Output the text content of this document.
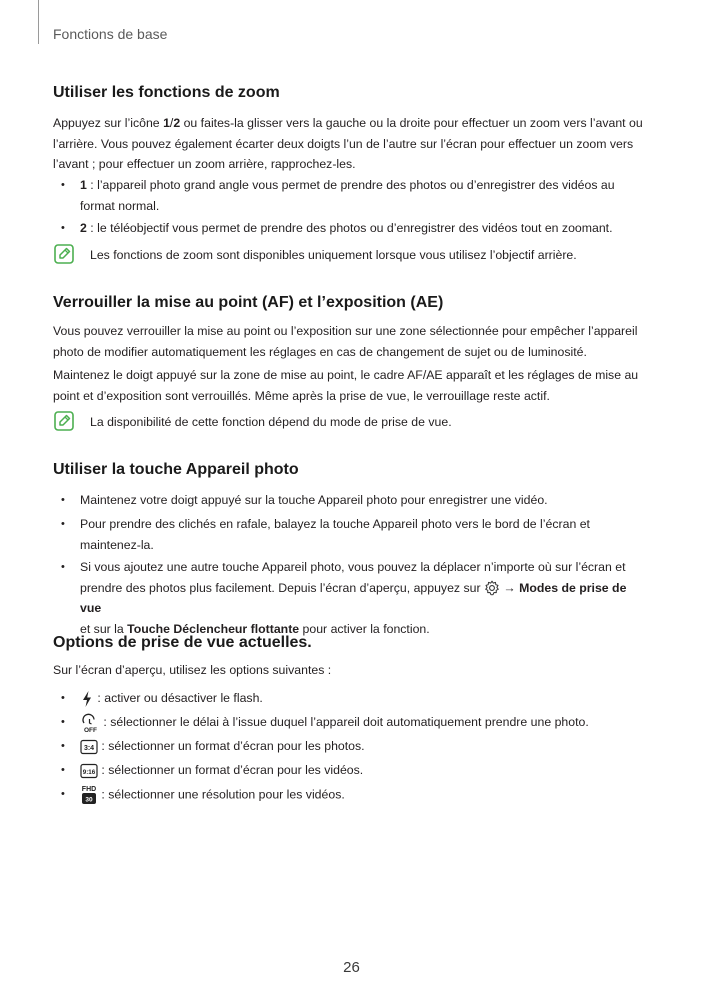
Fonctions de base
Utiliser les fonctions de zoom

Appuyez sur l’icône 1/2 ou faites-la glisser vers la gauche ou la droite pour effectuer un zoom vers l’avant ou l’arrière. Vous pouvez également écarter deux doigts l’un de l’autre sur l’écran pour effectuer un zoom vers l’avant ; pour effectuer un zoom arrière, rapprochez-les.

•	1 : l’appareil photo grand angle vous permet de prendre des photos ou d’enregistrer des vidéos au format normal.
•	2 : le téléobjectif vous permet de prendre des photos ou d’enregistrer des vidéos tout en zoomant.
Les fonctions de zoom sont disponibles uniquement lorsque vous utilisez l’objectif arrière.
Verrouiller la mise au point (AF) et l’exposition (AE)

Vous pouvez verrouiller la mise au point ou l’exposition sur une zone sélectionnée pour empêcher l’appareil photo de modifier automatiquement les réglages en cas de changement de sujet ou de luminosité.

Maintenez le doigt appuyé sur la zone de mise au point, le cadre AF/AE apparaît et les réglages de mise au point et d’exposition sont verrouillés. Même après la prise de vue, le verrouillage reste actif.

La disponibilité de cette fonction dépend du mode de prise de vue.
Utiliser la touche Appareil photo
•	Maintenez votre doigt appuyé sur la touche Appareil photo pour enregistrer une vidéo.
•	Pour prendre des clichés en rafale, balayez la touche Appareil photo vers le bord de l’écran et maintenez-la.
•	Si vous ajoutez une autre touche Appareil photo, vous pouvez la déplacer n’importe où sur l’écran et prendre des photos plus facilement. Depuis l’écran d’aperçu, appuyez sur  → Modes de prise de vue
et sur la Touche Déclencheur flottante pour activer la fonction.
Options de prise de vue actuelles.

Sur l’écran d’aperçu, utilisez les options suivantes :

•	: activer ou désactiver le flash.
•
OFF
: sélectionner le délai à l’issue duquel l’appareil doit automatiquement prendre une photo.
•	3:4 : sélectionner un format d’écran pour les photos.
•	9:16 : sélectionner un format d’écran pour les vidéos.
•	FHD
30 : sélectionner une résolution pour les vidéos.
26
